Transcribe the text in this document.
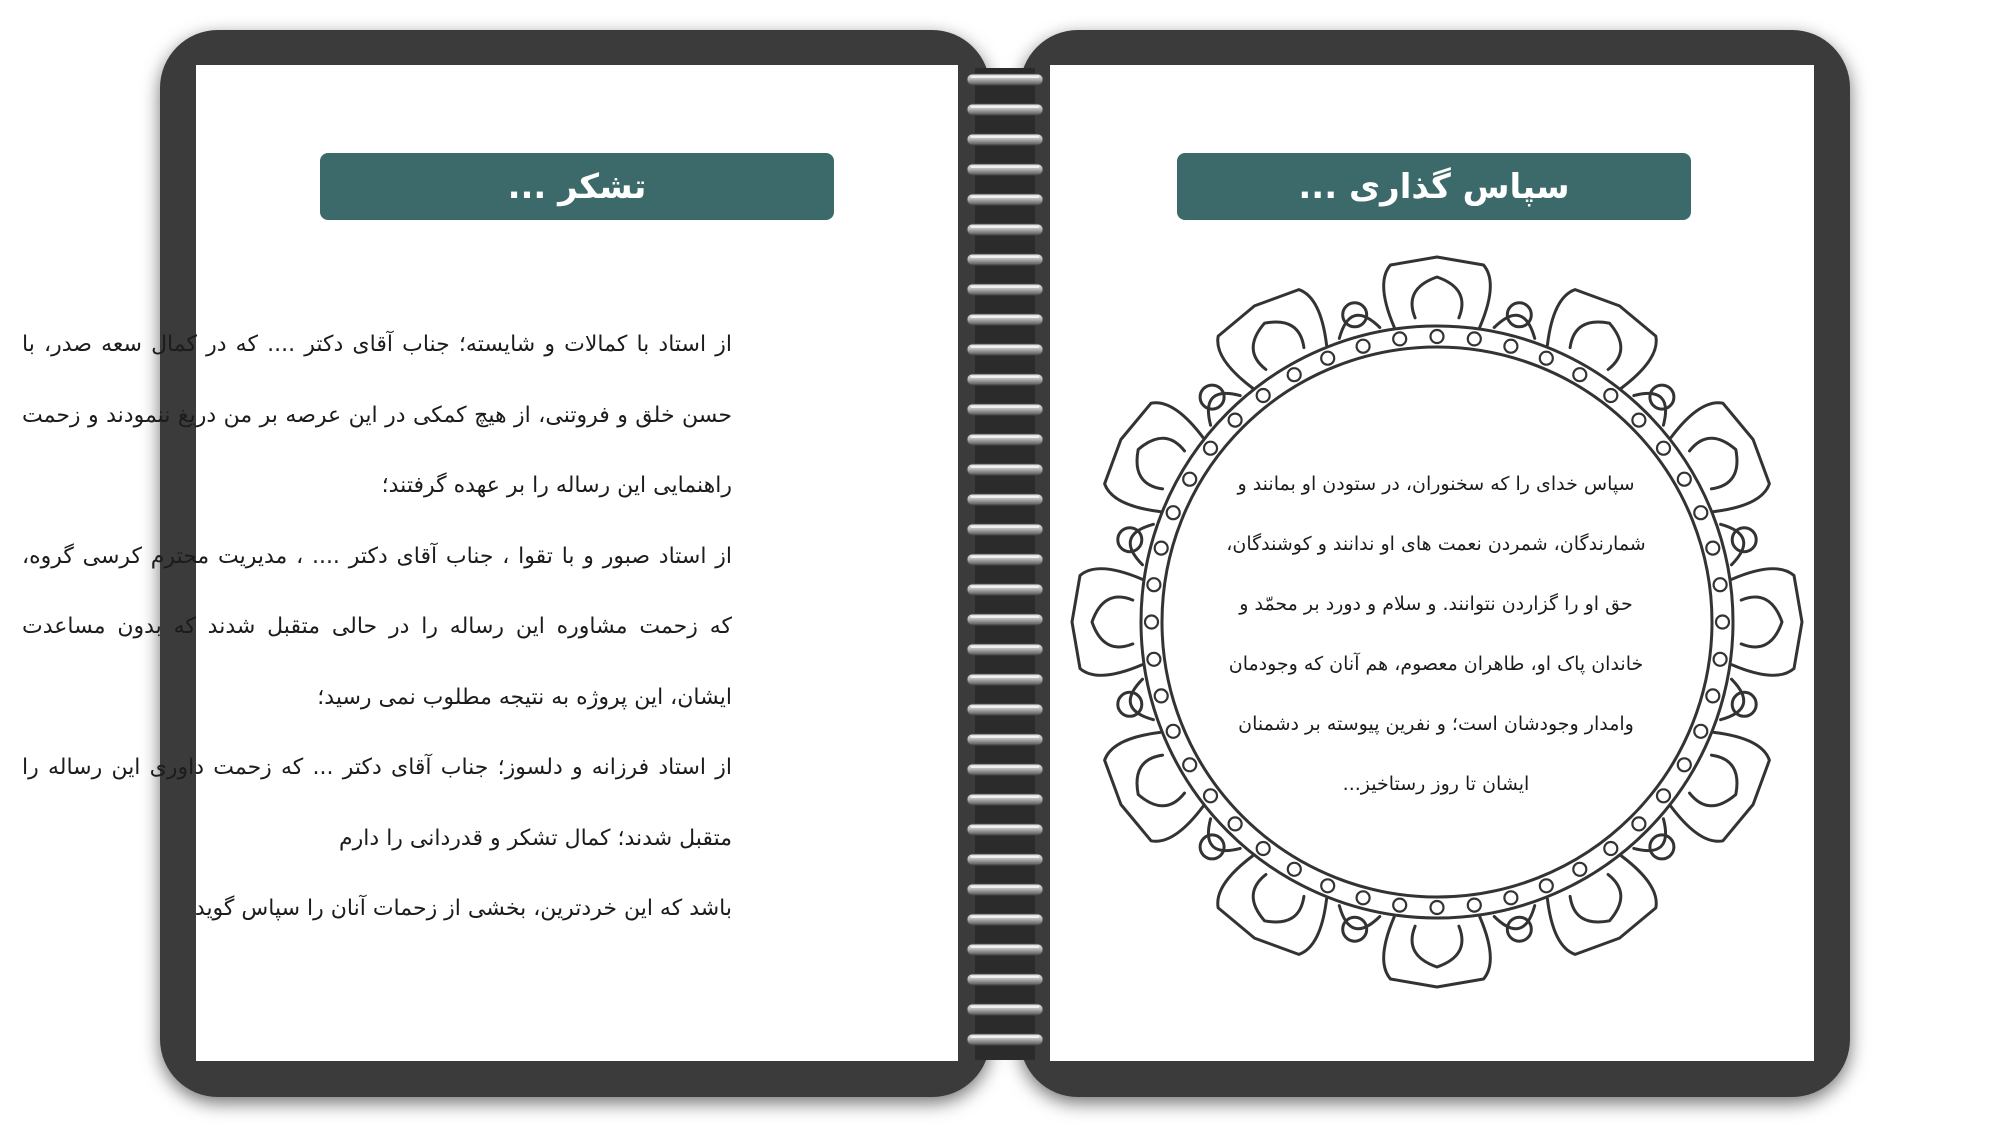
تشکر ...

از استاد با کمالات و شایسته؛ جناب آقای دکتر .... که در کمال سعه صدر، با حسن خلق و فروتنی، از هیچ کمکی در این عرصه بر من دریغ ننمودند و زحمت راهنمایی این رساله را بر عهده گرفتند؛

از استاد صبور و با تقوا ، جناب آقای دکتر .... ، مدیریت محترم کرسی گروه، که زحمت مشاوره این رساله را در حالی متقبل شدند که بدون مساعدت ایشان، این پروژه به نتیجه مطلوب نمی رسید؛

از استاد فرزانه و دلسوز؛ جناب آقای دکتر ... که زحمت داوری این رساله را متقبل شدند؛ کمال تشکر و قدردانی را دارم

باشد که این خردترین، بخشی از زحمات آنان را سپاس گوید

سپاس گذاری ...
سپاس خدای را که سخنوران، در ستودن او بمانند و
شمارندگان، شمردن نعمت های او ندانند و کوشندگان،
حق او را گزاردن نتوانند. و سلام و دورد بر محمّد و
خاندان پاک او، طاهران معصوم، هم آنان که وجودمان
وامدار وجودشان است؛ و نفرین پیوسته بر دشمنان
ایشان تا روز رستاخیز...
